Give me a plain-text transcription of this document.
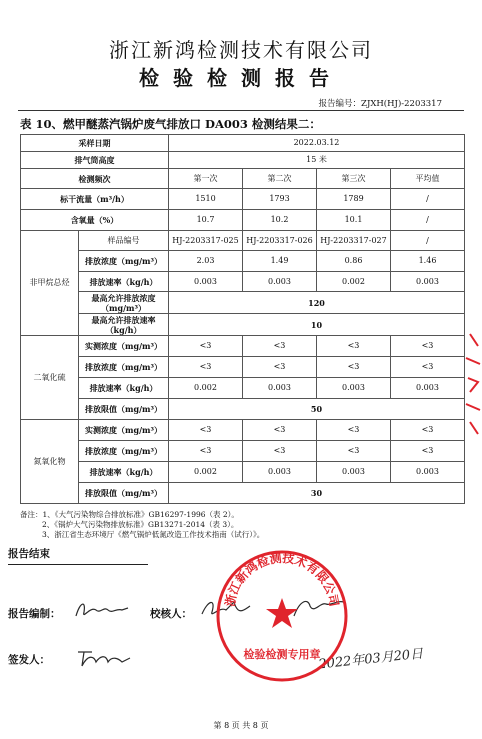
浙江新鸿检测技术有限公司
检验检测报告
报告编号：ZJXH(HJ)-2203317
表 10、燃甲醚蒸汽锅炉废气排放口 DA003 检测结果二：
采样日期		2022.03.12			
排气筒高度		15 米			
检测频次		第一次	第二次	第三次	平均值
标干流量（m³/h）		1510	1793	1789	/
含氧量（%）		10.7	10.2	10.1	/
非甲烷总烃	样品编号	HJ-2203317-025	HJ-2203317-026	HJ-2203317-027	/
	排放浓度（mg/m³）	2.03	1.49	0.86	1.46
	排放速率（kg/h）	0.003	0.003	0.002	0.003
	最高允许排放浓度（mg/m³）	120			
	最高允许排放速率（kg/h）	10			
二氧化硫	实测浓度（mg/m³）	<3	<3	<3	<3
	排放浓度（mg/m³）	<3	<3	<3	<3
	排放速率（kg/h）	0.002	0.003	0.003	0.003
	排放限值（mg/m³）	50			
氮氧化物	实测浓度（mg/m³）	<3	<3	<3	<3
	排放浓度（mg/m³）	<3	<3	<3	<3
	排放速率（kg/h）	0.002	0.003	0.003	0.003
	排放限值（mg/m³）	30			
备注：1、《大气污染物综合排放标准》GB16297-1996（表 2）。
2、《锅炉大气污染物排放标准》GB13271-2014（表 3）。
3、浙江省生态环境厅《燃气锅炉低氮改造工作技术指南（试行）》。
报告结束
报告编制：	校核人：
签发人：	2022年03月20日
浙江新鸿检测技术有限公司
检验检测专用章
第 8 页 共 8 页
